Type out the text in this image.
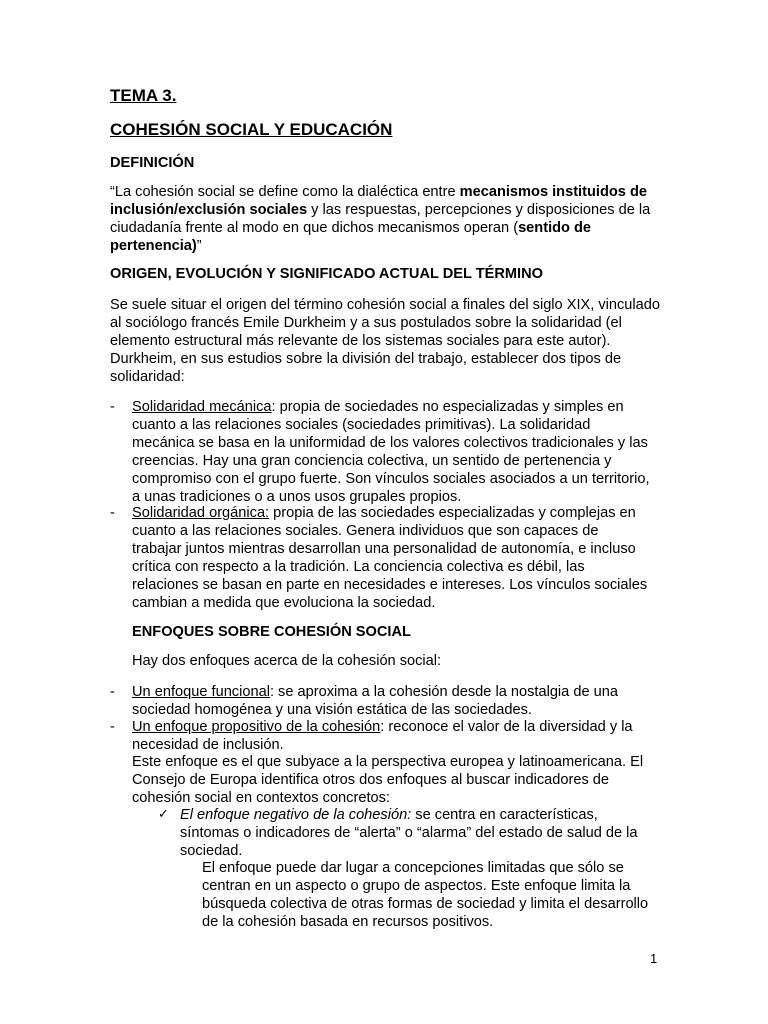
TEMA 3.
COHESIÓN SOCIAL Y EDUCACIÓN
DEFINICIÓN

“La cohesión social se define como la dialéctica entre mecanismos instituidos de inclusión/exclusión sociales y las respuestas, percepciones y disposiciones de la ciudadanía frente al modo en que dichos mecanismos operan (sentido de pertenencia)”

ORIGEN, EVOLUCIÓN Y SIGNIFICADO ACTUAL DEL TÉRMINO

Se suele situar el origen del término cohesión social a finales del siglo XIX, vinculado al sociólogo francés Emile Durkheim y a sus postulados sobre la solidaridad (el elemento estructural más relevante de los sistemas sociales para este autor). Durkheim, en sus estudios sobre la división del trabajo, establecer dos tipos de solidaridad:

- Solidaridad mecánica: propia de sociedades no especializadas y simples en cuanto a las relaciones sociales (sociedades primitivas). La solidaridad mecánica se basa en la uniformidad de los valores colectivos tradicionales y las creencias. Hay una gran conciencia colectiva, un sentido de pertenencia y compromiso con el grupo fuerte. Son vínculos sociales asociados a un territorio, a unas tradiciones o a unos usos grupales propios.

- Solidaridad orgánica: propia de las sociedades especializadas y complejas en cuanto a las relaciones sociales. Genera individuos que son capaces de trabajar juntos mientras desarrollan una personalidad de autonomía, e incluso crítica con respecto a la tradición. La conciencia colectiva es débil, las relaciones se basan en parte en necesidades e intereses. Los vínculos sociales cambian a medida que evoluciona la sociedad.

ENFOQUES SOBRE COHESIÓN SOCIAL

Hay dos enfoques acerca de la cohesión social:

- Un enfoque funcional: se aproxima a la cohesión desde la nostalgia de una sociedad homogénea y una visión estática de las sociedades.

- Un enfoque propositivo de la cohesión: reconoce el valor de la diversidad y la necesidad de inclusión.

Este enfoque es el que subyace a la perspectiva europea y latinoamericana. El Consejo de Europa identifica otros dos enfoques al buscar indicadores de cohesión social en contextos concretos:

✓ El enfoque negativo de la cohesión: se centra en características, síntomas o indicadores de “alerta” o “alarma” del estado de salud de la sociedad.

El enfoque puede dar lugar a concepciones limitadas que sólo se centran en un aspecto o grupo de aspectos. Este enfoque limita la búsqueda colectiva de otras formas de sociedad y limita el desarrollo de la cohesión basada en recursos positivos.

1
